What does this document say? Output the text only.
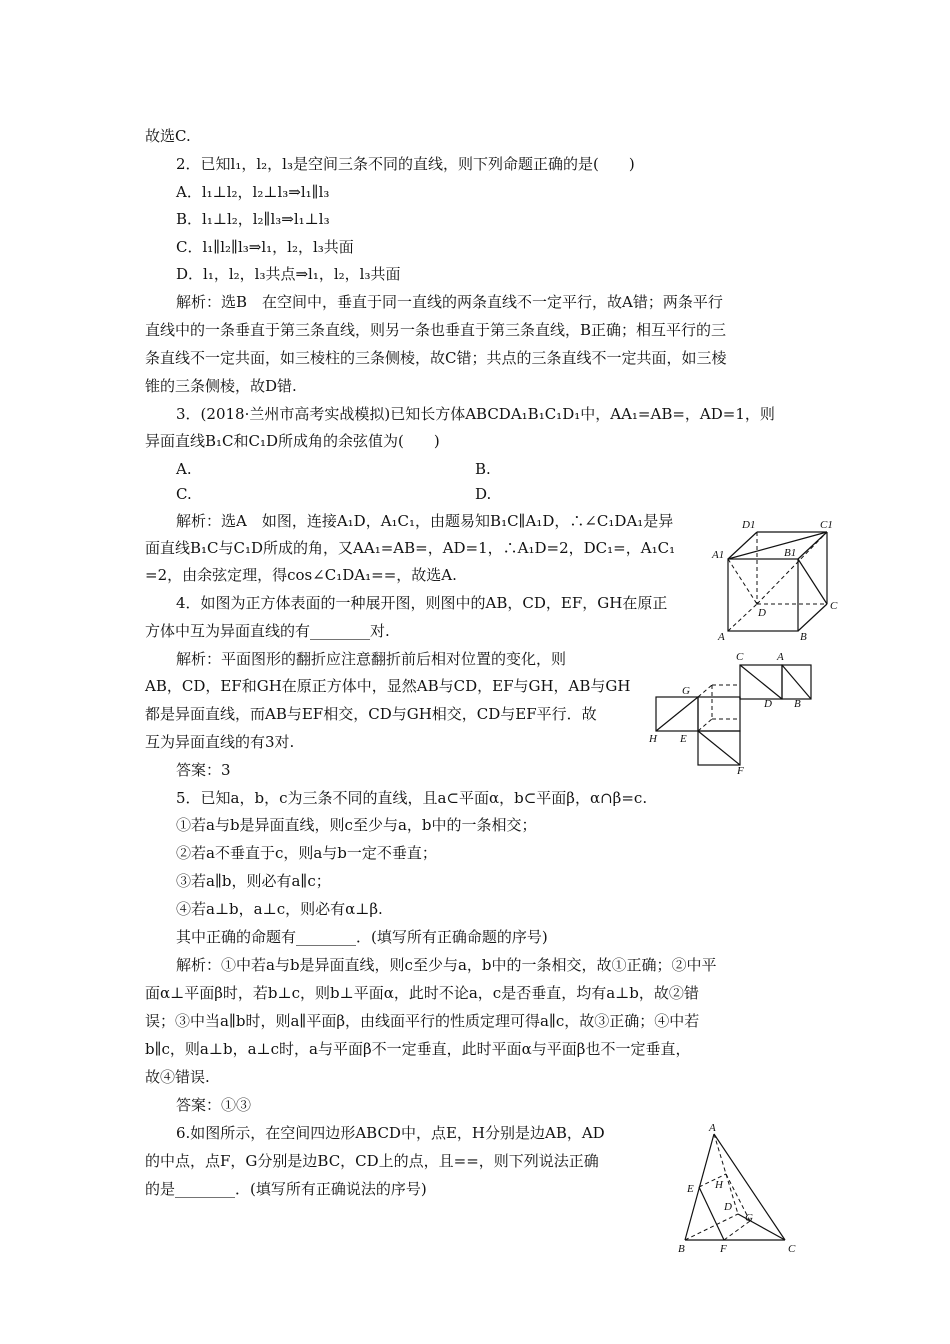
故选C.
2．已知l₁，l₂，l₃是空间三条不同的直线，则下列命题正确的是(　　)
A．l₁⊥l₂，l₂⊥l₃⇒l₁∥l₃
B．l₁⊥l₂，l₂∥l₃⇒l₁⊥l₃
C．l₁∥l₂∥l₃⇒l₁，l₂，l₃共面
D．l₁，l₂，l₃共点⇒l₁，l₂，l₃共面
解析：选B　在空间中，垂直于同一直线的两条直线不一定平行，故A错；两条平行
直线中的一条垂直于第三条直线，则另一条也垂直于第三条直线，B正确；相互平行的三
条直线不一定共面，如三棱柱的三条侧棱，故C错；共点的三条直线不一定共面，如三棱
锥的三条侧棱，故D错.
3．(2018·兰州市高考实战模拟)已知长方体ABCDA₁B₁C₁D₁中，AA₁=AB=，AD=1，则
异面直线B₁C和C₁D所成角的余弦值为(　　)
A.	B.
C.	D.
解析：选A　如图，连接A₁D，A₁C₁，由题易知B₁C∥A₁D，∴∠C₁DA₁是异
面直线B₁C与C₁D所成的角，又AA₁=AB=，AD=1，∴A₁D=2，DC₁=，A₁C₁
=2，由余弦定理，得cos∠C₁DA₁==，故选A.
4．如图为正方体表面的一种展开图，则图中的AB，CD，EF，GH在原正
方体中互为异面直线的有________对.
解析：平面图形的翻折应注意翻折前后相对位置的变化，则
AB，CD，EF和GH在原正方体中，显然AB与CD，EF与GH，AB与GH
都是异面直线，而AB与EF相交，CD与GH相交，CD与EF平行．故
互为异面直线的有3对.
答案：3
5．已知a，b，c为三条不同的直线，且a⊂平面α，b⊂平面β，α∩β=c.
①若a与b是异面直线，则c至少与a，b中的一条相交；
②若a不垂直于c，则a与b一定不垂直；
③若a∥b，则必有a∥c；
④若a⊥b，a⊥c，则必有α⊥β.
其中正确的命题有________．(填写所有正确命题的序号)
解析：①中若a与b是异面直线，则c至少与a，b中的一条相交，故①正确；②中平
面α⊥平面β时，若b⊥c，则b⊥平面α，此时不论a，c是否垂直，均有a⊥b，故②错
误；③中当a∥b时，则a∥平面β，由线面平行的性质定理可得a∥c，故③正确；④中若
b∥c，则a⊥b，a⊥c时，a与平面β不一定垂直，此时平面α与平面β也不一定垂直，
故④错误.
答案：①③
6.如图所示，在空间四边形ABCD中，点E，H分别是边AB，AD
的中点，点F，G分别是边BC，CD上的点，且==，则下列说法正确
的是________．(填写所有正确说法的序号)
D1	C1
A1	B1
D
C
A	B
C	A
G
D B
H E
F
A
E H
D
G
B	F	C
